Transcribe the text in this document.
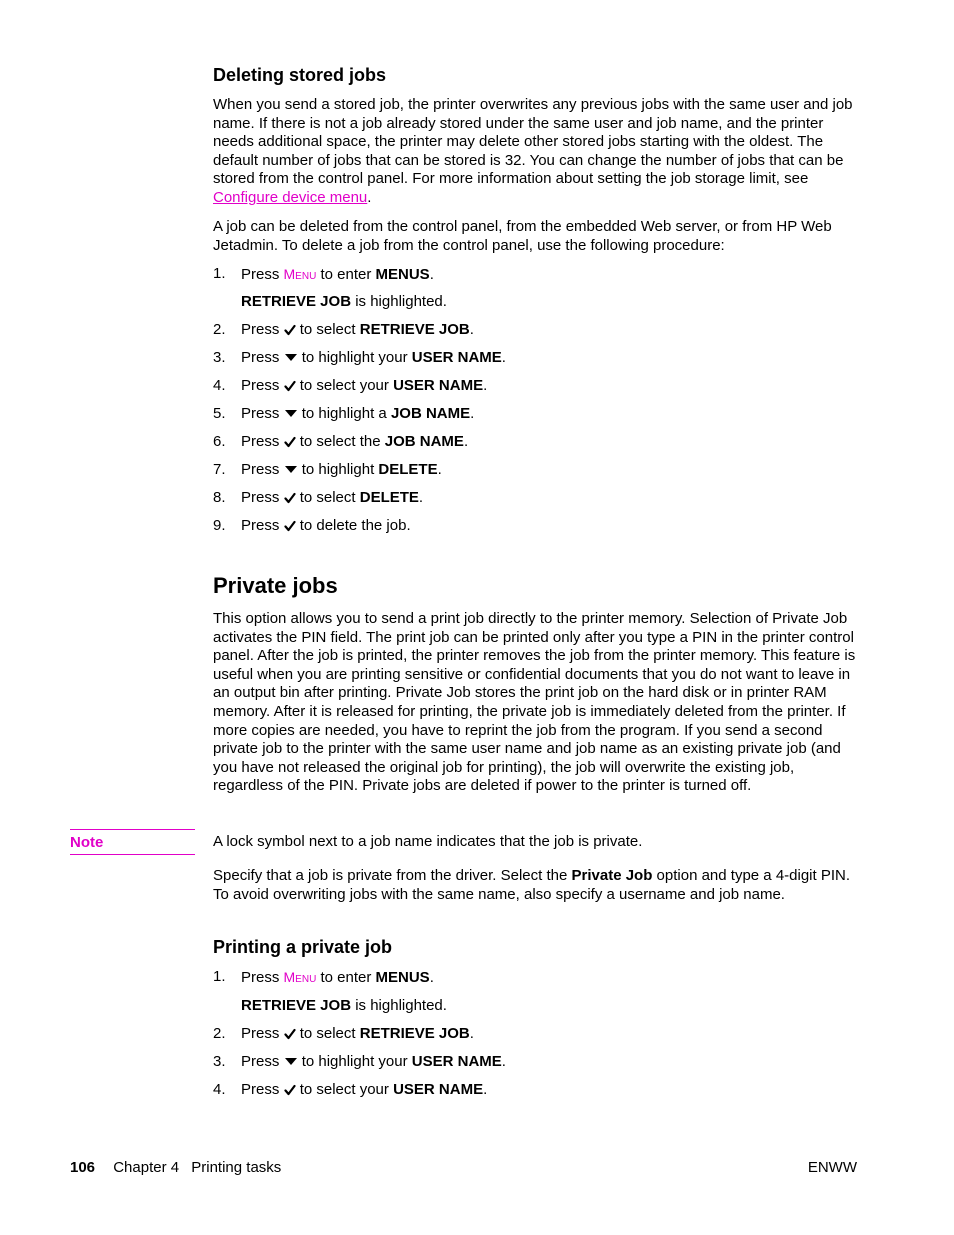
Deleting stored jobs

When you send a stored job, the printer overwrites any previous jobs with the same user and job name. If there is not a job already stored under the same user and job name, and the printer needs additional space, the printer may delete other stored jobs starting with the oldest. The default number of jobs that can be stored is 32. You can change the number of jobs that can be stored from the control panel. For more information about setting the job storage limit, see Configure device menu.

A job can be deleted from the control panel, from the embedded Web server, or from HP Web Jetadmin. To delete a job from the control panel, use the following procedure:

1. Press Menu to enter MENUS.
RETRIEVE JOB is highlighted.
2. Press to select RETRIEVE JOB.
3. Press to highlight your USER NAME.
4. Press to select your USER NAME.
5. Press to highlight a JOB NAME.
6. Press to select the JOB NAME.
7. Press to highlight DELETE.
8. Press to select DELETE.
9. Press to delete the job.
Private jobs

This option allows you to send a print job directly to the printer memory. Selection of Private Job activates the PIN field. The print job can be printed only after you type a PIN in the printer control panel. After the job is printed, the printer removes the job from the printer memory. This feature is useful when you are printing sensitive or confidential documents that you do not want to leave in an output bin after printing. Private Job stores the print job on the hard disk or in printer RAM memory. After it is released for printing, the private job is immediately deleted from the printer. If more copies are needed, you have to reprint the job from the program. If you send a second private job to the printer with the same user name and job name as an existing private job (and you have not released the original job for printing), the job will overwrite the existing job, regardless of the PIN. Private jobs are deleted if power to the printer is turned off.

A lock symbol next to a job name indicates that the job is private.

Specify that a job is private from the driver. Select the Private Job option and type a 4-digit PIN. To avoid overwriting jobs with the same name, also specify a username and job name.

Printing a private job
1. Press Menu to enter MENUS.
RETRIEVE JOB is highlighted.
2. Press to select RETRIEVE JOB.
3. Press to highlight your USER NAME.
4. Press to select your USER NAME.
Note
106 Chapter 4 Printing tasks	ENWW
